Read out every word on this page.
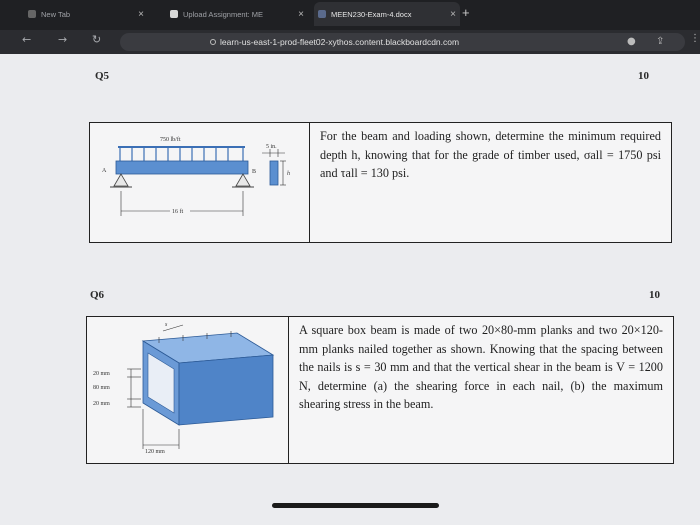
New Tab	×	Upload Assignment: ME	×	MEEN230-Exam-4.docx	× +
← → ↻	learn-us-east-1-prod-fleet02-xythos.content.blackboardcdn.com	● ⇪	⋮
Q5	10
750 lb/ft
A	B
16 ft
5 in.
h
For the beam and loading shown, determine the minimum required depth h, knowing that for the grade of timber used, σall = 1750 psi and τall = 130 psi.
Q6	10
s
20 mm
80 mm
20 mm
120 mm
A square box beam is made of two 20×80-mm planks and two 20×120-mm planks nailed together as shown. Knowing that the spacing between the nails is s = 30 mm and that the vertical shear in the beam is V = 1200 N, determine (a) the shearing force in each nail, (b) the maximum shearing stress in the beam.
